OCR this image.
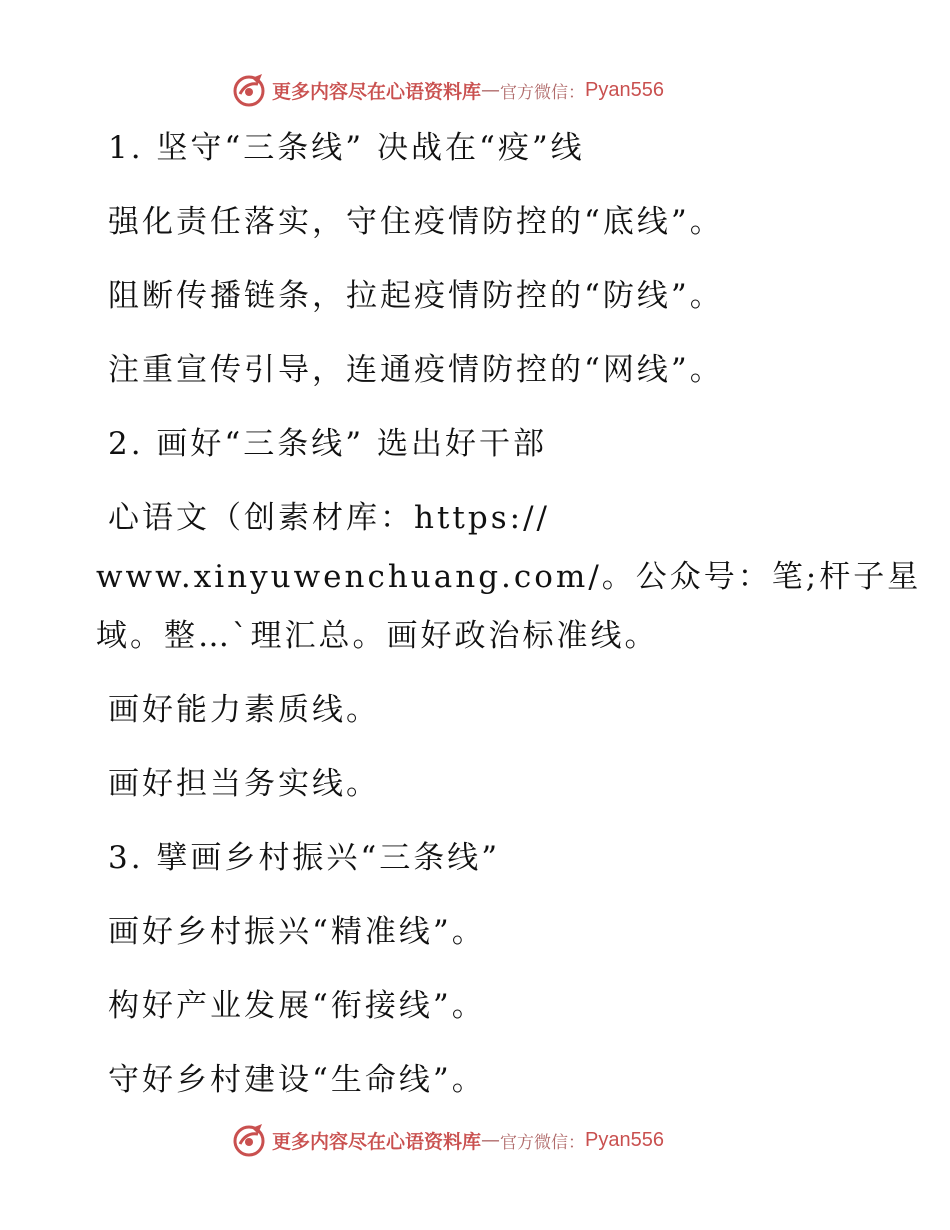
更多内容尽在心语资料库 — 官方微信： Pyan556
1. 坚守“三条线” 决战在“疫”线
强化责任落实，守住疫情防控的“底线”。
阻断传播链条，拉起疫情防控的“防线”。
注重宣传引导，连通疫情防控的“网线”。
2. 画好“三条线” 选出好干部
心语文（创素材库：https://
www.xinyuwenchuang.com/。公众号：笔;杆子星
域。整…`理汇总。画好政治标准线。
画好能力素质线。
画好担当务实线。
3. 擘画乡村振兴“三条线”
画好乡村振兴“精准线”。
构好产业发展“衔接线”。
守好乡村建设“生命线”。
更多内容尽在心语资料库 — 官方微信： Pyan556
